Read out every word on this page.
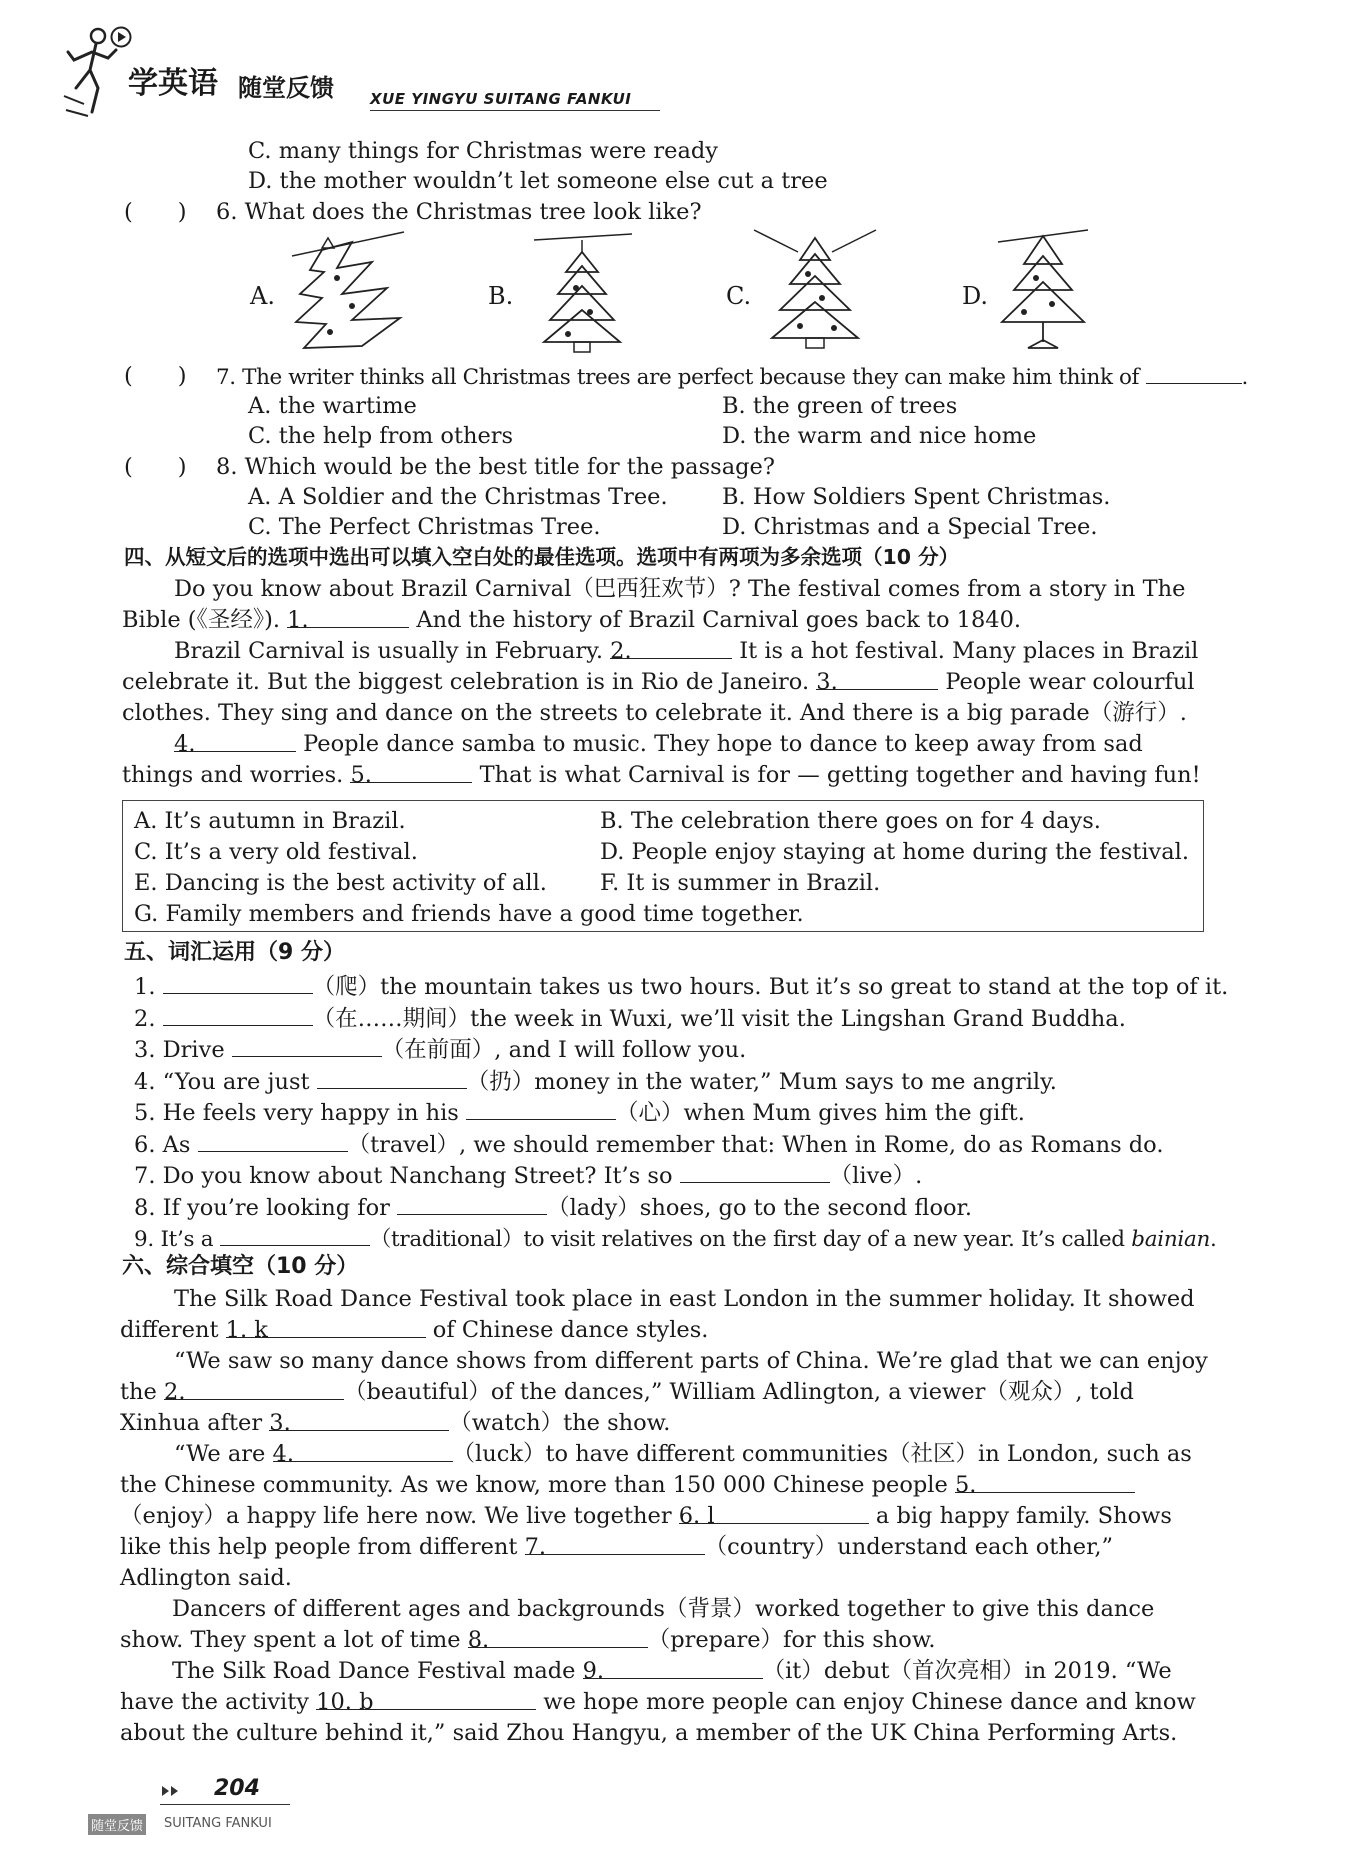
学英语 随堂反馈 XUE YINGYU SUITANG FANKUI
C. many things for Christmas were ready
D. the mother wouldn’t let someone else cut a tree
(　　) 6. What does the Christmas tree look like?
A.	B.	C.	D.
(　　) 7. The writer thinks all Christmas trees are perfect because they can make him think of	.
A. the wartime	B. the green of trees
C. the help from others	D. the warm and nice home
(　　) 8. Which would be the best title for the passage?
A. A Soldier and the Christmas Tree. B. How Soldiers Spent Christmas.
C. The Perfect Christmas Tree.	D. Christmas and a Special Tree.
四、从短文后的选项中选出可以填入空白处的最佳选项。选项中有两项为多余选项（10 分）
Do you know about Brazil Carnival（巴西狂欢节）? The festival comes from a story in The
Bible (《圣经》). 1.	And the history of Brazil Carnival goes back to 1840.
Brazil Carnival is usually in February. 2.	It is a hot festival. Many places in Brazil
celebrate it. But the biggest celebration is in Rio de Janeiro. 3.	People wear colourful
clothes. They sing and dance on the streets to celebrate it. And there is a big parade（游行）.
4.	People dance samba to music. They hope to dance to keep away from sad
things and worries. 5.	That is what Carnival is for — getting together and having fun!
A. It’s autumn in Brazil.	B. The celebration there goes on for 4 days.
C. It’s a very old festival.	D. People enjoy staying at home during the festival.
E. Dancing is the best activity of all. F. It is summer in Brazil.
G. Family members and friends have a good time together.
五、词汇运用（9 分）
1.	（爬）the mountain takes us two hours. But it’s so great to stand at the top of it.
2.	（在……期间）the week in Wuxi, we’ll visit the Lingshan Grand Buddha.
3. Drive	（在前面）, and I will follow you.
4. “You are just	（扔）money in the water,” Mum says to me angrily.
5. He feels very happy in his	（心）when Mum gives him the gift.
6. As	（travel）, we should remember that: When in Rome, do as Romans do.
7. Do you know about Nanchang Street? It’s so	（live）.
8. If you’re looking for	（lady）shoes, go to the second floor.
9. It’s a	（traditional）to visit relatives on the first day of a new year. It’s called bainian.
六、综合填空（10 分）
The Silk Road Dance Festival took place in east London in the summer holiday. It showed
different 1. k	of Chinese dance styles.
“We saw so many dance shows from different parts of China. We’re glad that we can enjoy
the 2.	（beautiful）of the dances,” William Adlington, a viewer（观众）, told
Xinhua after 3.	（watch）the show.
“We are 4.	（luck）to have different communities（社区）in London, such as
the Chinese community. As we know, more than 150 000 Chinese people 5.
（enjoy）a happy life here now. We live together 6. l	a big happy family. Shows
like this help people from different 7.	（country）understand each other,”
Adlington said.
Dancers of different ages and backgrounds（背景）worked together to give this dance
show. They spent a lot of time 8.	（prepare）for this show.
The Silk Road Dance Festival made 9.	（it）debut（首次亮相）in 2019. “We
have the activity 10. b	we hope more people can enjoy Chinese dance and know
about the culture behind it,” said Zhou Hangyu, a member of the UK China Performing Arts.
204
随堂反馈 SUITANG FANKUI
